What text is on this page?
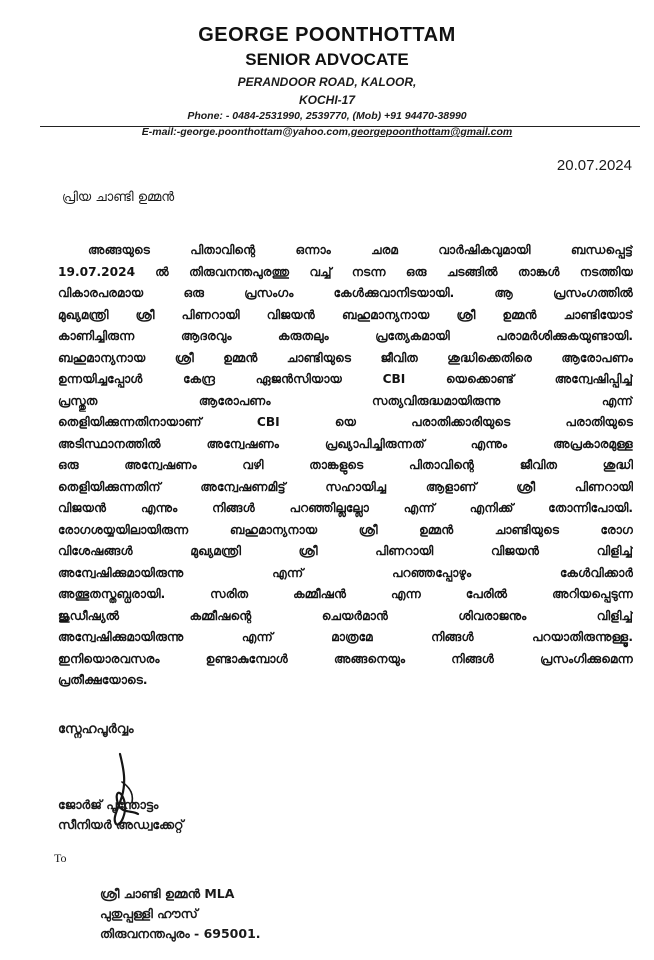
GEORGE POONTHOTTAM
SENIOR ADVOCATE
PERANDOOR ROAD, KALOOR,
KOCHI-17
Phone: - 0484-2531990, 2539770, (Mob) +91 94470-38990
E-mail:-george.poonthottam@yahoo.com,georgepoonthottam@gmail.com
20.07.2024
പ്രിയ ചാണ്ടി ഉമ്മൻ
അങ്ങയുടെ പിതാവിന്റെ ഒന്നാം ചരമ വാർഷികവുമായി ബന്ധപ്പെട്ട്
19.07.2024 ൽ തിരുവനന്തപുരത്തു വച്ച് നടന്ന ഒരു ചടങ്ങിൽ താങ്കൾ നടത്തിയ
വികാരപരമായ ഒരു പ്രസംഗം കേൾക്കുവാനിടയായി. ആ പ്രസംഗത്തിൽ
മുഖ്യമന്ത്രി ശ്രീ പിണറായി വിജയൻ ബഹുമാന്യനായ ശ്രീ ഉമ്മൻ ചാണ്ടിയോട്
കാണിച്ചിരുന്ന ആദരവും കരുതലും പ്രത്യേകമായി പരാമർശിക്കുകയുണ്ടായി.
ബഹുമാന്യനായ ശ്രീ ഉമ്മൻ ചാണ്ടിയുടെ ജീവിത ശുദ്ധിക്കെതിരെ ആരോപണം
ഉന്നയിച്ചപ്പോൾ കേന്ദ്ര ഏജൻസിയായ CBI യെക്കൊണ്ട് അന്വേഷിപ്പിച്ച്
പ്രസ്തുത ആരോപണം സത്യവിരുദ്ധമായിരുന്നു എന്ന്
തെളിയിക്കുന്നതിനായാണ് CBI യെ പരാതിക്കാരിയുടെ പരാതിയുടെ
അടിസ്ഥാനത്തിൽ അന്വേഷണം പ്രഖ്യാപിച്ചിരുന്നത് എന്നും അപ്രകാരമുള്ള
ഒരു അന്വേഷണം വഴി താങ്കളുടെ പിതാവിന്റെ ജീവിത ശുദ്ധി
തെളിയിക്കുന്നതിന് അന്വേഷണമിട്ട് സഹായിച്ച ആളാണ് ശ്രീ പിണറായി
വിജയൻ എന്നും നിങ്ങൾ പറഞ്ഞില്ലല്ലോ എന്ന് എനിക്ക് തോന്നിപോയി.
രോഗശയ്യയിലായിരുന്ന ബഹുമാന്യനായ ശ്രീ ഉമ്മൻ ചാണ്ടിയുടെ രോഗ
വിശേഷങ്ങൾ മുഖ്യമന്ത്രി ശ്രീ പിണറായി വിജയൻ വിളിച്ച്
അന്വേഷിക്കുമായിരുന്നു എന്ന് പറഞ്ഞപ്പോഴും കേൾവിക്കാർ
അത്ഭുതസ്തബ്ധരായി. സരിത കമ്മീഷൻ എന്ന പേരിൽ അറിയപ്പെടുന്ന
ജുഡീഷ്യൽ കമ്മീഷന്റെ ചെയർമാൻ ശിവരാജനും വിളിച്ച്
അന്വേഷിക്കുമായിരുന്നു എന്ന് മാത്രമേ നിങ്ങൾ പറയാതിരുന്നുള്ളൂ.
ഇനിയൊരവസരം ഉണ്ടാകുമ്പോൾ അങ്ങനെയും നിങ്ങൾ പ്രസംഗിക്കുമെന്ന
പ്രതീക്ഷയോടെ.
സ്നേഹപൂർവ്വം
ജോർജ് പൂന്തോട്ടം
സീനിയർ അഡ്വക്കേറ്റ്
To
ശ്രീ ചാണ്ടി ഉമ്മൻ MLA
പുതുപ്പള്ളി ഹൗസ്
തിരുവനന്തപുരം - 695001.
